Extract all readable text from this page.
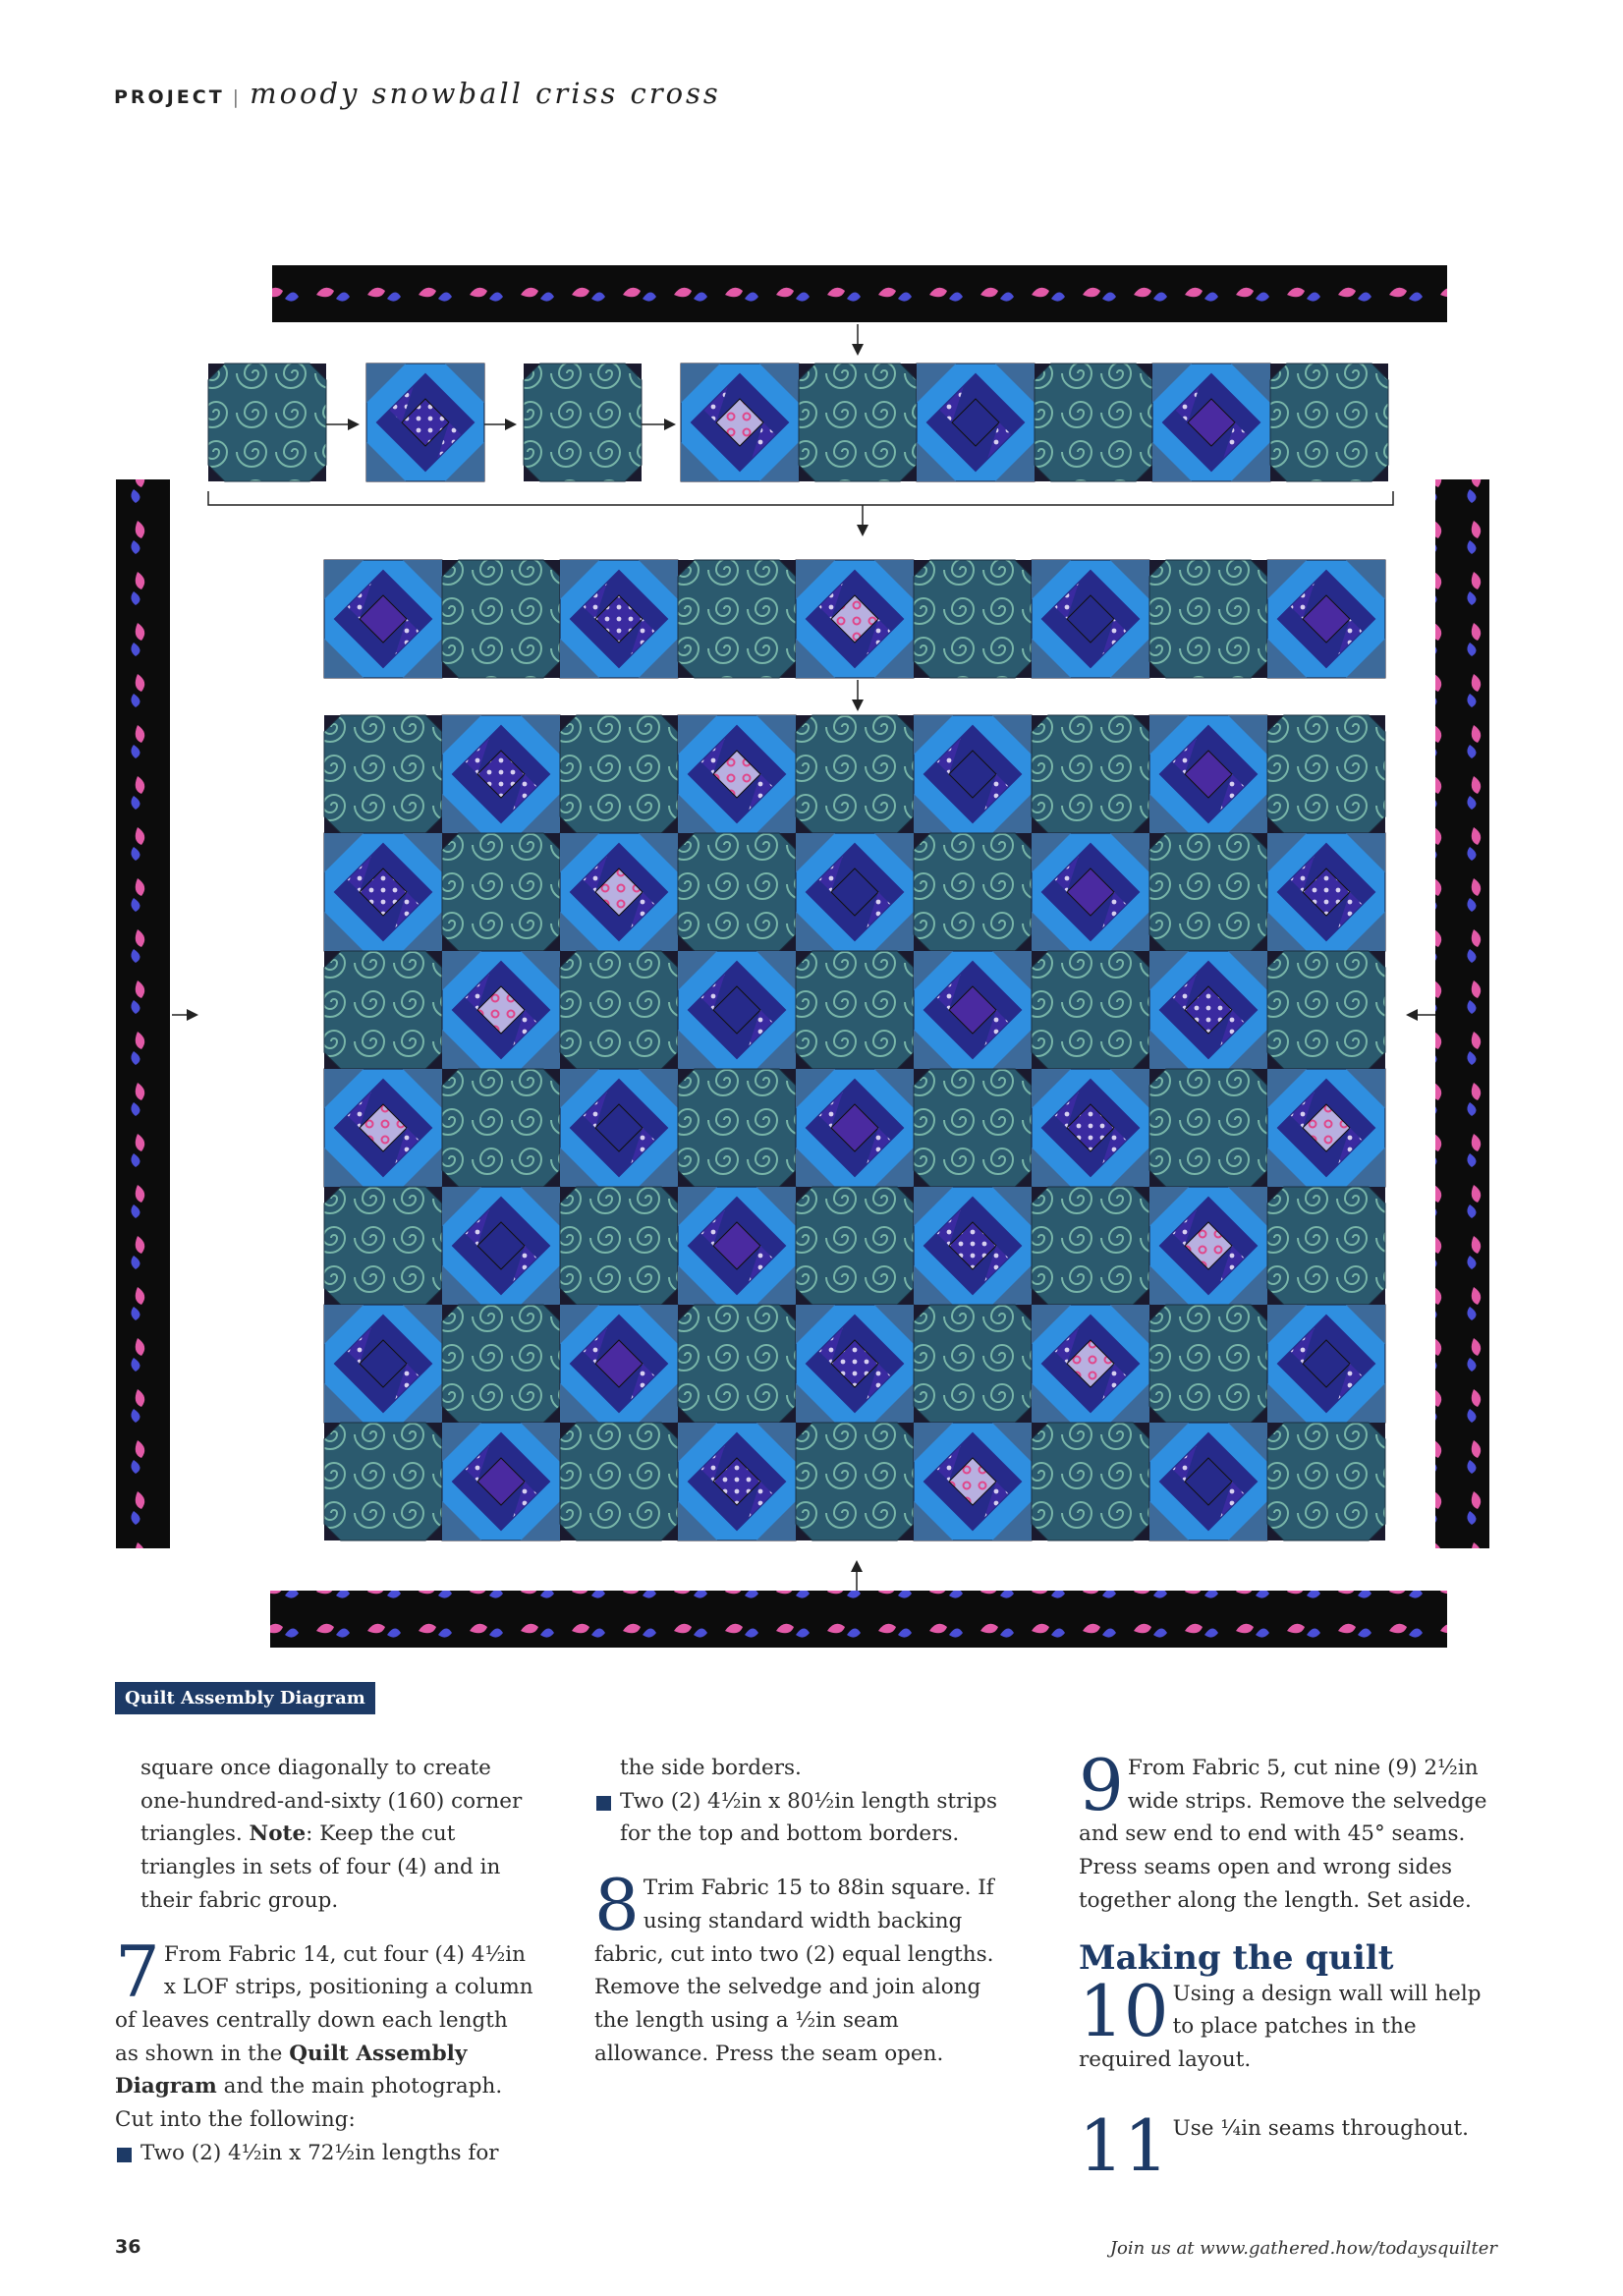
PROJECT | moody snowball criss cross
Quilt Assembly Diagram

square once diagonally to create one-hundred-and-sixty (160) corner triangles. Note: Keep the cut triangles in sets of four (4) and in their fabric group.

7 From Fabric 14, cut four (4) 4½in x LOF strips, positioning a column of leaves centrally down each length as shown in the Quilt Assembly Diagram and the main photograph. Cut into the following:

Two (2) 4½in x 72½in lengths for

the side borders.

Two (2) 4½in x 80½in length strips for the top and bottom borders.

8 Trim Fabric 15 to 88in square. If using standard width backing fabric, cut into two (2) equal lengths. Remove the selvedge and join along the length using a ½in seam allowance. Press the seam open.

9 From Fabric 5, cut nine (9) 2½in wide strips. Remove the selvedge and sew end to end with 45° seams. Press seams open and wrong sides together along the length. Set aside.

Making the quilt

10 Using a design wall will help to place patches in the required layout.

11 Use ¼in seams throughout.

36	Join us at www.gathered.how/todaysquilter
